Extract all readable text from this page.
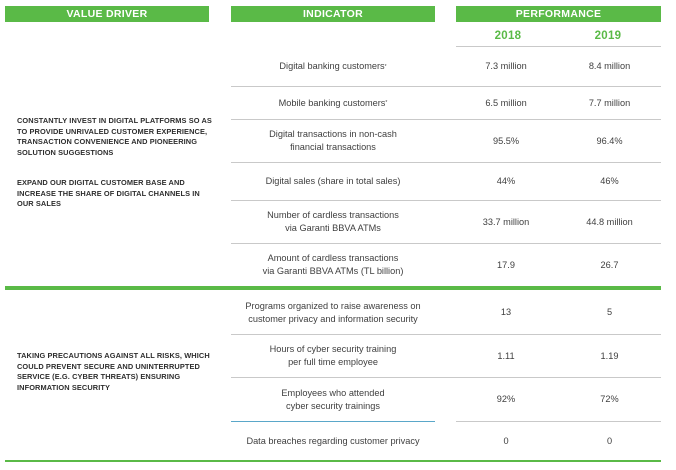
VALUE DRIVER	INDICATOR	PERFORMANCE
2018	2019
CONSTANTLY INVEST IN DIGITAL PLATFORMS SO AS TO PROVIDE UNRIVALED CUSTOMER EXPERIENCE, TRANSACTION CONVENIENCE AND PIONEERING SOLUTION SUGGESTIONS
EXPAND OUR DIGITAL CUSTOMER BASE AND INCREASE THE SHARE OF DIGITAL CHANNELS IN OUR SALES
TAKING PRECAUTIONS AGAINST ALL RISKS, WHICH COULD PREVENT SECURE AND UNINTERRUPTED SERVICE (E.G. CYBER THREATS) ENSURING INFORMATION SECURITY
Digital banking customers *	7.3 million	8.4 million
Mobile banking customers *	6.5 million	7.7 million
Digital transactions in non-cash
financial transactions
95.5%	96.4%
Digital sales (share in total sales)	44%	46%
Number of cardless transactions
via Garanti BBVA ATMs
33.7 million	44.8 million
Amount of cardless transactions
via Garanti BBVA ATMs (TL billion)
17.9	26.7
Programs organized to raise awareness on
customer privacy and information security
13	5
Hours of cyber security training
per full time employee
1.11	1.19
Employees who attended
cyber security trainings
92%	72%
Data breaches regarding customer privacy	0	0
